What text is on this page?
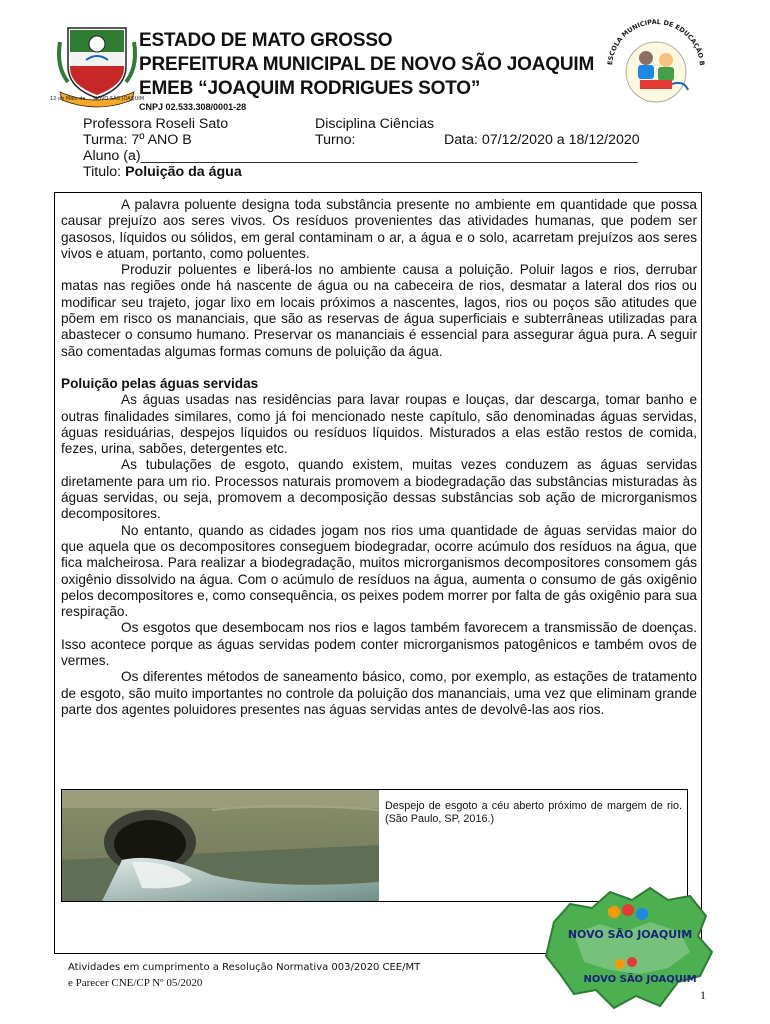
12 de Maio de ... NOVO SÃO JOAQUIM
ESTADO DE MATO GROSSO
PREFEITURA MUNICIPAL DE NOVO SÃO JOAQUIM
EMEB “JOAQUIM RODRIGUES SOTO”
CNPJ 02.533.308/0001-28
ESCOLA MUNICIPAL DE EDUCAÇÃO B
Professora Roseli Sato	Disciplina Ciências
Turma: 7º ANO B	Turno:	Data: 07/12/2020 a 18/12/2020
Aluno (a)_______________________________________________________________
Titulo: Poluição da água

A palavra poluente designa toda substância presente no ambiente em quantidade que possa causar prejuízo aos seres vivos. Os resíduos provenientes das atividades humanas, que podem ser gasosos, líquidos ou sólidos, em geral contaminam o ar, a água e o solo, acarretam prejuízos aos seres vivos e atuam, portanto, como poluentes.

Produzir poluentes e liberá-los no ambiente causa a poluição. Poluir lagos e rios, derrubar matas nas regiões onde há nascente de água ou na cabeceira de rios, desmatar a lateral dos rios ou modificar seu trajeto, jogar lixo em locais próximos a nascentes, lagos, rios ou poços são atitudes que põem em risco os mananciais, que são as reservas de água superficiais e subterrâneas utilizadas para abastecer o consumo humano. Preservar os mananciais é essencial para assegurar água pura. A seguir são comentadas algumas formas comuns de poluição da água.

Poluição pelas águas servidas

As águas usadas nas residências para lavar roupas e louças, dar descarga, tomar banho e outras finalidades similares, como já foi mencionado neste capítulo, são denominadas águas servidas, águas residuárias, despejos líquidos ou resíduos líquidos. Misturados a elas estão restos de comida, fezes, urina, sabões, detergentes etc.

As tubulações de esgoto, quando existem, muitas vezes conduzem as águas servidas diretamente para um rio. Processos naturais promovem a biodegradação das substâncias misturadas às águas servidas, ou seja, promovem a decomposição dessas substâncias sob ação de microrganismos decompositores.

No entanto, quando as cidades jogam nos rios uma quantidade de águas servidas maior do que aquela que os decompositores conseguem biodegradar, ocorre acúmulo dos resíduos na água, que fica malcheirosa. Para realizar a biodegradação, muitos microrganismos decompositores consomem gás oxigênio dissolvido na água. Com o acúmulo de resíduos na água, aumenta o consumo de gás oxigênio pelos decompositores e, como consequência, os peixes podem morrer por falta de gás oxigênio para sua respiração.

Os esgotos que desembocam nos rios e lagos também favorecem a transmissão de doenças. Isso acontece porque as águas servidas podem conter microrganismos patogênicos e também ovos de vermes.

Os diferentes métodos de saneamento básico, como, por exemplo, as estações de tratamento de esgoto, são muito importantes no controle da poluição dos mananciais, uma vez que eliminam grande parte dos agentes poluidores presentes nas águas servidas antes de devolvê-las aos rios.

Despejo de esgoto a céu aberto próximo de margem de rio. (São Paulo, SP, 2016.)
NOVO SÃO JOAQUIM
NOVO SÃO JOAQUIM
Atividades em cumprimento a Resolução Normativa 003/2020 CEE/MT
e Parecer CNE/CP Nº 05/2020
1
